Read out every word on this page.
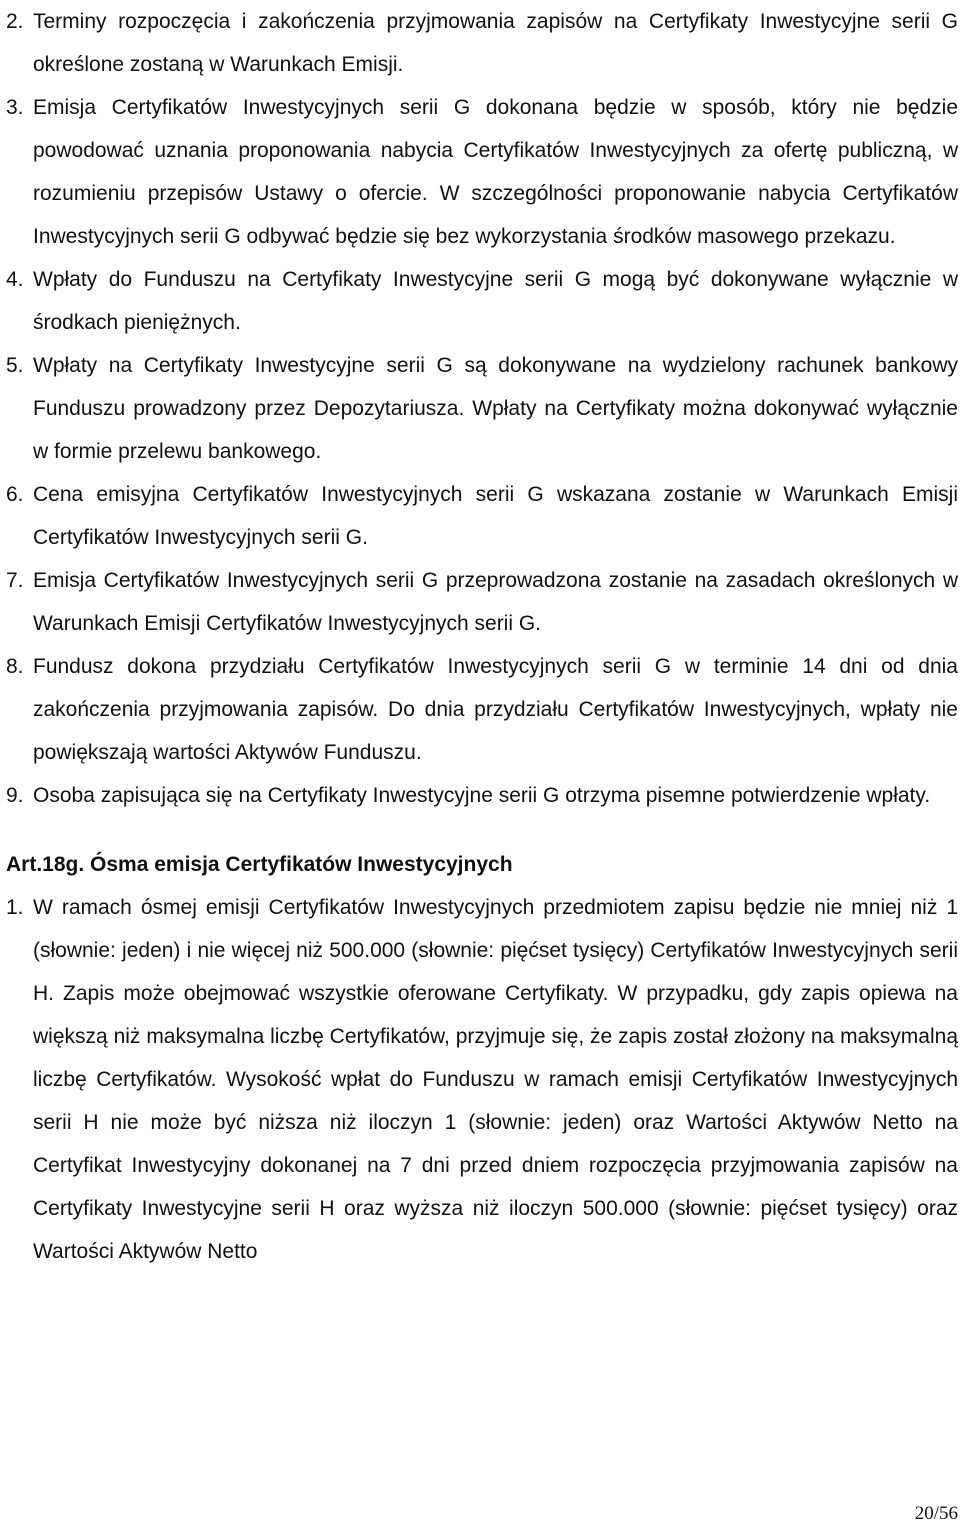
2. Terminy rozpoczęcia i zakończenia przyjmowania zapisów na Certyfikaty Inwestycyjne serii G określone zostaną w Warunkach Emisji.
3. Emisja Certyfikatów Inwestycyjnych serii G dokonana będzie w sposób, który nie będzie powodować uznania proponowania nabycia Certyfikatów Inwestycyjnych za ofertę publiczną, w rozumieniu przepisów Ustawy o ofercie. W szczególności proponowanie nabycia Certyfikatów Inwestycyjnych serii G odbywać będzie się bez wykorzystania środków masowego przekazu.
4. Wpłaty do Funduszu na Certyfikaty Inwestycyjne serii G mogą być dokonywane wyłącznie w środkach pieniężnych.
5. Wpłaty na Certyfikaty Inwestycyjne serii G są dokonywane na wydzielony rachunek bankowy Funduszu prowadzony przez Depozytariusza. Wpłaty na Certyfikaty można dokonywać wyłącznie w formie przelewu bankowego.
6. Cena emisyjna Certyfikatów Inwestycyjnych serii G wskazana zostanie w Warunkach Emisji Certyfikatów Inwestycyjnych serii G.
7. Emisja Certyfikatów Inwestycyjnych serii G przeprowadzona zostanie na zasadach określonych w Warunkach Emisji Certyfikatów Inwestycyjnych serii G.
8. Fundusz dokona przydziału Certyfikatów Inwestycyjnych serii G w terminie 14 dni od dnia zakończenia przyjmowania zapisów. Do dnia przydziału Certyfikatów Inwestycyjnych, wpłaty nie powiększają wartości Aktywów Funduszu.
9. Osoba zapisująca się na Certyfikaty Inwestycyjne serii G otrzyma pisemne potwierdzenie wpłaty.
Art.18g. Ósma emisja Certyfikatów Inwestycyjnych
1. W ramach ósmej emisji Certyfikatów Inwestycyjnych przedmiotem zapisu będzie nie mniej niż 1 (słownie: jeden) i nie więcej niż 500.000 (słownie: pięćset tysięcy) Certyfikatów Inwestycyjnych serii H. Zapis może obejmować wszystkie oferowane Certyfikaty. W przypadku, gdy zapis opiewa na większą niż maksymalna liczbę Certyfikatów, przyjmuje się, że zapis został złożony na maksymalną liczbę Certyfikatów. Wysokość wpłat do Funduszu w ramach emisji Certyfikatów Inwestycyjnych serii H nie może być niższa niż iloczyn 1 (słownie: jeden) oraz Wartości Aktywów Netto na Certyfikat Inwestycyjny dokonanej na 7 dni przed dniem rozpoczęcia przyjmowania zapisów na Certyfikaty Inwestycyjne serii H oraz wyższa niż iloczyn 500.000 (słownie: pięćset tysięcy) oraz Wartości Aktywów Netto
20/56
